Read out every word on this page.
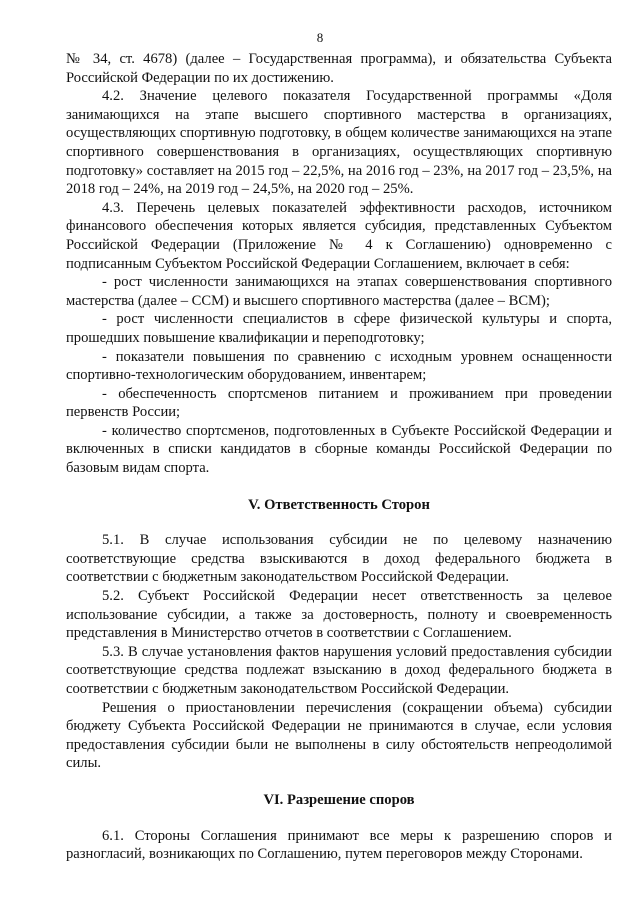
8

№ 34, ст. 4678) (далее – Государственная программа), и обязательства Субъекта Российской Федерации по их достижению.

4.2. Значение целевого показателя Государственной программы «Доля занимающихся на этапе высшего спортивного мастерства в организациях, осуществляющих спортивную подготовку, в общем количестве занимающихся на этапе спортивного совершенствования в организациях, осуществляющих спортивную подготовку» составляет на 2015 год – 22,5%, на 2016 год – 23%, на 2017 год – 23,5%, на 2018 год – 24%, на 2019 год – 24,5%, на 2020 год – 25%.

4.3. Перечень целевых показателей эффективности расходов, источником финансового обеспечения которых является субсидия, представленных Субъектом Российской Федерации (Приложение № 4 к Соглашению) одновременно с подписанным Субъектом Российской Федерации Соглашением, включает в себя:

- рост численности занимающихся на этапах совершенствования спортивного мастерства (далее – ССМ) и высшего спортивного мастерства (далее – ВСМ);

- рост численности специалистов в сфере физической культуры и спорта, прошедших повышение квалификации и переподготовку;

- показатели повышения по сравнению с исходным уровнем оснащенности спортивно-технологическим оборудованием, инвентарем;

- обеспеченность спортсменов питанием и проживанием при проведении первенств России;

- количество спортсменов, подготовленных в Субъекте Российской Федерации и включенных в списки кандидатов в сборные команды Российской Федерации по базовым видам спорта.

V. Ответственность Сторон

5.1. В случае использования субсидии не по целевому назначению соответствующие средства взыскиваются в доход федерального бюджета в соответствии с бюджетным законодательством Российской Федерации.

5.2. Субъект Российской Федерации несет ответственность за целевое использование субсидии, а также за достоверность, полноту и своевременность представления в Министерство отчетов в соответствии с Соглашением.

5.3. В случае установления фактов нарушения условий предоставления субсидии соответствующие средства подлежат взысканию в доход федерального бюджета в соответствии с бюджетным законодательством Российской Федерации.

Решения о приостановлении перечисления (сокращении объема) субсидии бюджету Субъекта Российской Федерации не принимаются в случае, если условия предоставления субсидии были не выполнены в силу обстоятельств непреодолимой силы.

VI. Разрешение споров

6.1. Стороны Соглашения принимают все меры к разрешению споров и разногласий, возникающих по Соглашению, путем переговоров между Сторонами.
